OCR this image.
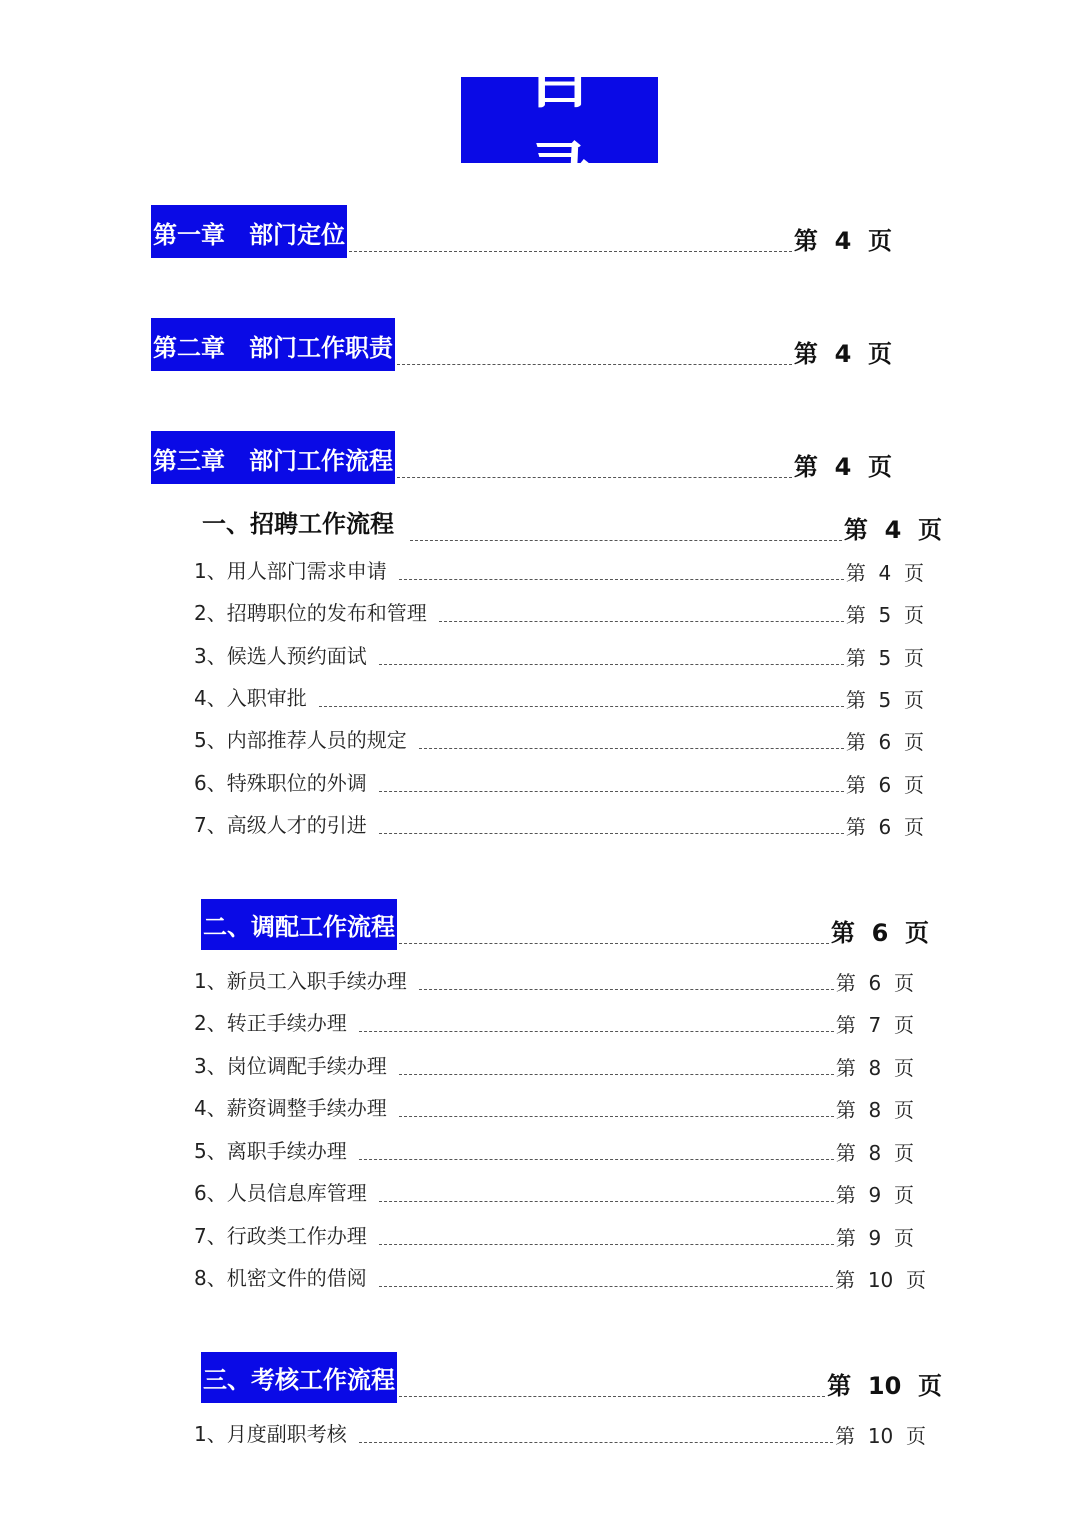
目　　录
第一章　部门定位	第  4  页
第二章　部门工作职责	第  4  页
第三章　部门工作流程	第  4  页
一、招聘工作流程	第  4  页
1、用人部门需求申请	第  4  页
2、招聘职位的发布和管理	第  5  页
3、候选人预约面试	第  5  页
4、入职审批	第  5  页
5、内部推荐人员的规定	第  6  页
6、特殊职位的外调	第  6  页
7、高级人才的引进	第  6  页
二、调配工作流程	第  6  页
1、新员工入职手续办理	第  6  页
2、转正手续办理	第  7  页
3、岗位调配手续办理	第  8  页
4、薪资调整手续办理	第  8  页
5、离职手续办理	第  8  页
6、人员信息库管理	第  9  页
7、行政类工作办理	第  9  页
8、机密文件的借阅	第  10  页
三、考核工作流程	第  10  页
1、月度副职考核	第  10  页
